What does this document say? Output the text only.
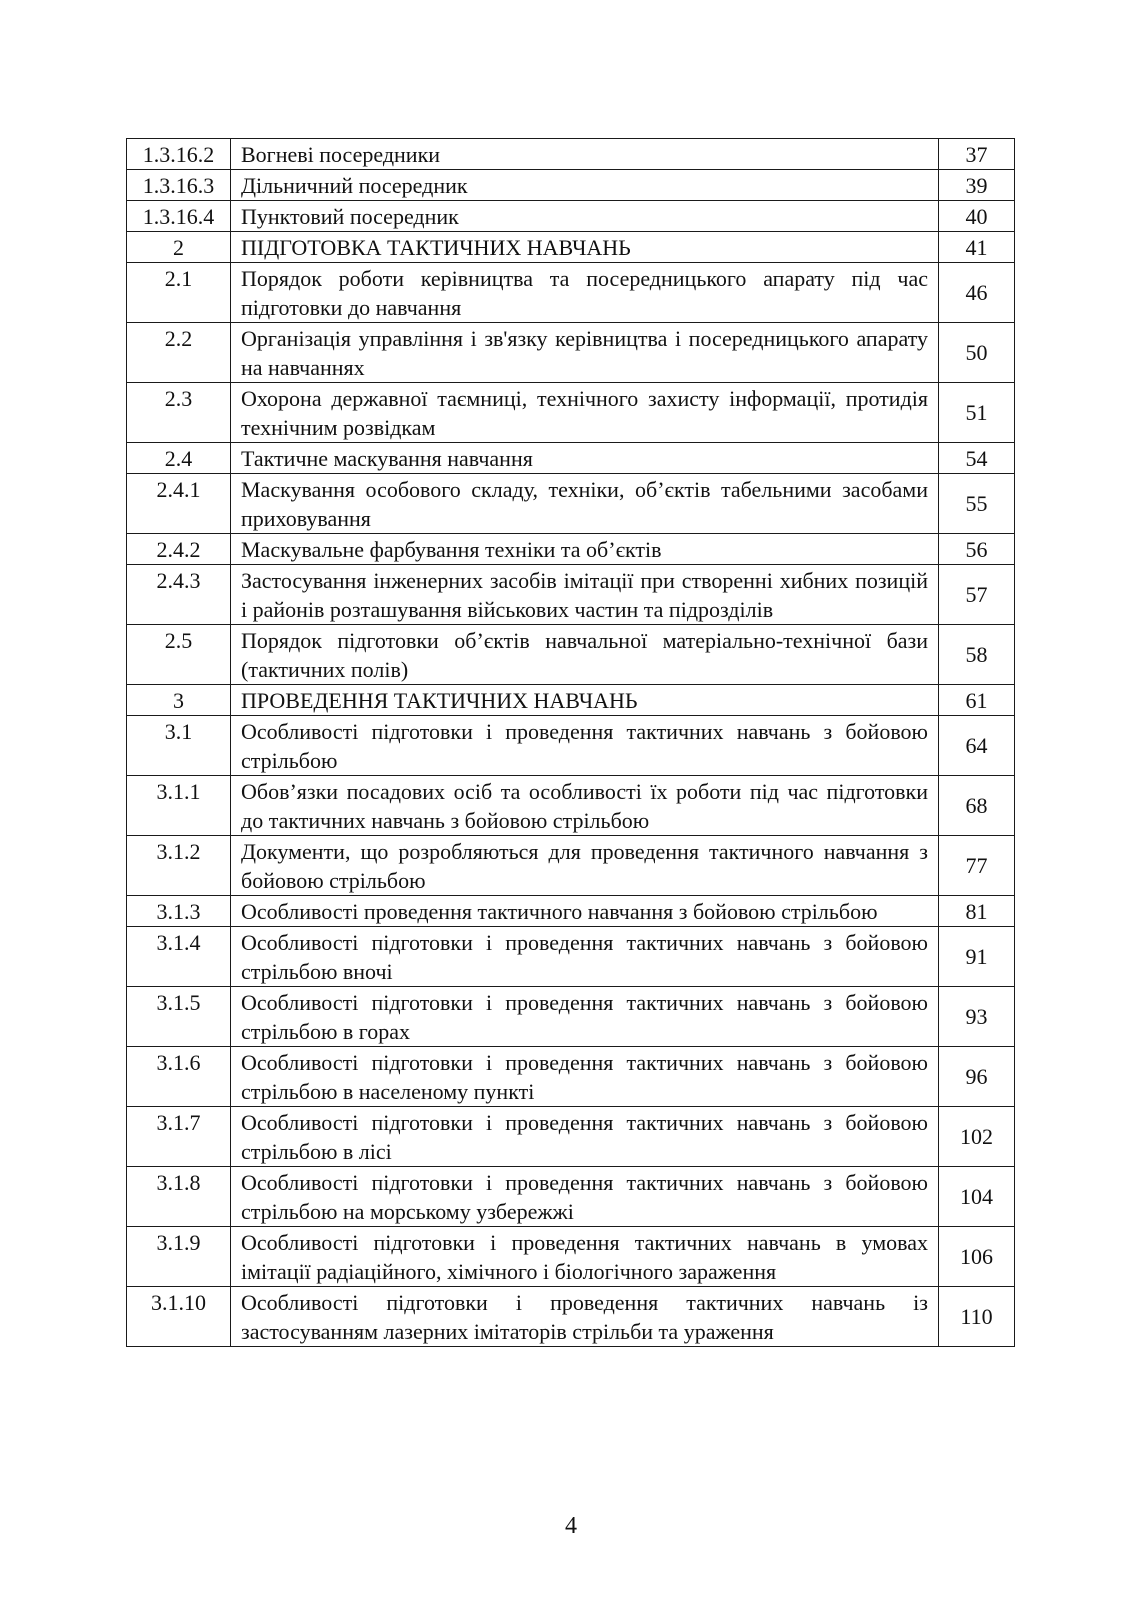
1.3.16.2	Вогневі посередники	37
1.3.16.3	Дільничний посередник	39
1.3.16.4	Пунктовий посередник	40
2	ПІДГОТОВКА ТАКТИЧНИХ НАВЧАНЬ	41
2.1	Порядок роботи керівництва та посередницького апарату під час підготовки до навчання	46
2.2	Організація управління і зв'язку керівництва і посередницького апарату на навчаннях	50
2.3	Охорона державної таємниці, технічного захисту інформації, протидія технічним розвідкам	51
2.4	Тактичне маскування навчання	54
2.4.1	Маскування особового складу, техніки, об’єктів табельними засобами приховування	55
2.4.2	Маскувальне фарбування техніки та об’єктів	56
2.4.3	Застосування інженерних засобів імітації при створенні хибних позицій і районів розташування військових частин та підрозділів	57
2.5	Порядок підготовки об’єктів навчальної матеріально-технічної бази (тактичних полів)	58
3	ПРОВЕДЕННЯ ТАКТИЧНИХ НАВЧАНЬ	61
3.1	Особливості підготовки і проведення тактичних навчань з бойовою стрільбою	64
3.1.1	Обов’язки посадових осіб та особливості їх роботи під час підготовки до тактичних навчань з бойовою стрільбою	68
3.1.2	Документи, що розробляються для проведення тактичного навчання з бойовою стрільбою	77
3.1.3	Особливості проведення тактичного навчання з бойовою стрільбою	81
3.1.4	Особливості підготовки і проведення тактичних навчань з бойовою стрільбою вночі	91
3.1.5	Особливості підготовки і проведення тактичних навчань з бойовою стрільбою в горах	93
3.1.6	Особливості підготовки і проведення тактичних навчань з бойовою стрільбою в населеному пункті	96
3.1.7	Особливості підготовки і проведення тактичних навчань з бойовою стрільбою в лісі	102
3.1.8	Особливості підготовки і проведення тактичних навчань з бойовою стрільбою на морському узбережжі	104
3.1.9	Особливості підготовки і проведення тактичних навчань в умовах імітації радіаційного, хімічного і біологічного зараження	106
3.1.10	Особливості підготовки і проведення тактичних навчань із застосуванням лазерних імітаторів стрільби та ураження	110
4
